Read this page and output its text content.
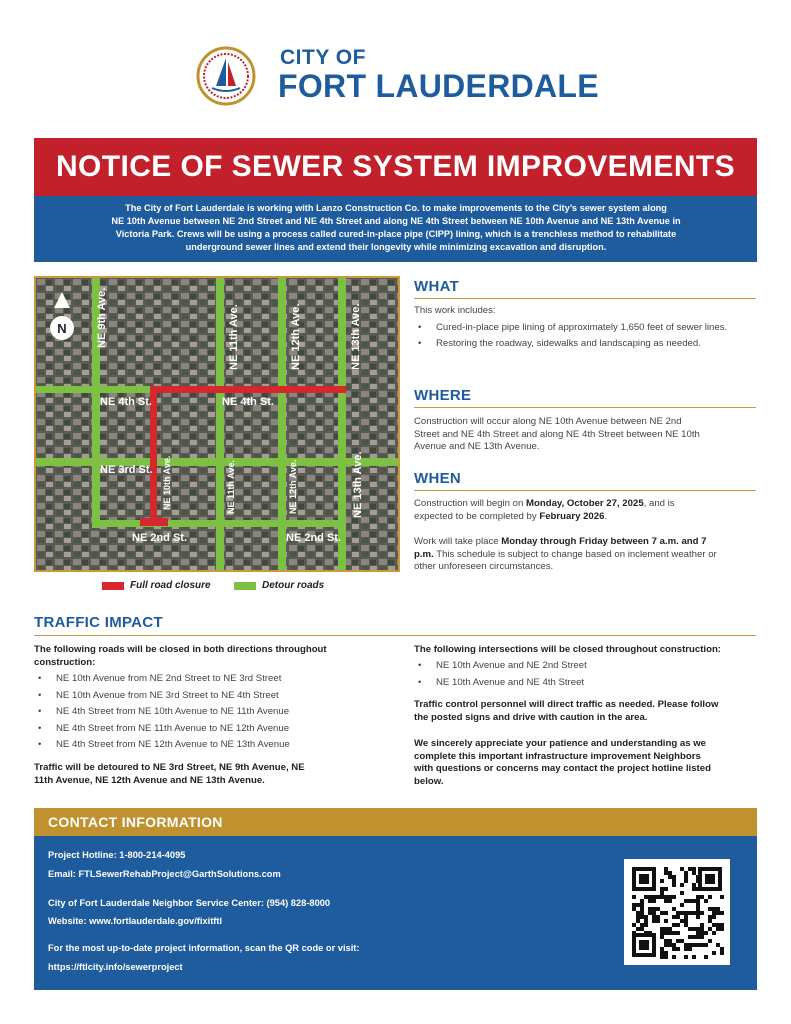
CITY OF
FORT LAUDERDALE
NOTICE OF SEWER SYSTEM IMPROVEMENTS
The City of Fort Lauderdale is working with Lanzo Construction Co. to make improvements to the City’s sewer system along
NE 10th Avenue between NE 2nd Street and NE 4th Street and along NE 4th Street between NE 10th Avenue and NE 13th Avenue in
Victoria Park. Crews will be using a process called cured-in-place pipe (CIPP) lining, which is a trenchless method to rehabilitate
underground sewer lines and extend their longevity while minimizing excavation and disruption.
N	NE 9th Ave.	NE 11th Ave.	NE 12th Ave.	NE 13th Ave.
NE 4th St.	NE 4th St.
NE 3rd St. NE 10th Ave.	NE 11th Ave.	NE 12th Ave.	NE 13th Ave.
NE 2nd St.	NE 2nd St.
Full road closure	Detour roads
WHAT
This work includes:
• Cured-in-place pipe lining of approximately 1,650 feet of sewer lines.
• Restoring the roadway, sidewalks and landscaping as needed.
WHERE
Construction will occur along NE 10th Avenue between NE 2nd Street and NE 4th Street and along NE 4th Street between NE 10th Avenue and NE 13th Avenue.
WHEN
Construction will begin on Monday, October 27, 2025, and is expected to be completed by February 2026.
Work will take place Monday through Friday between 7 a.m. and 7 p.m. This schedule is subject to change based on inclement weather or other unforeseen circumstances.
TRAFFIC IMPACT
The following roads will be closed in both directions throughout construction:
• NE 10th Avenue from NE 2nd Street to NE 3rd Street
• NE 10th Avenue from NE 3rd Street to NE 4th Street
• NE 4th Street from NE 10th Avenue to NE 11th Avenue
• NE 4th Street from NE 11th Avenue to NE 12th Avenue
• NE 4th Street from NE 12th Avenue to NE 13th Avenue
Traffic will be detoured to NE 3rd Street, NE 9th Avenue, NE 11th Avenue, NE 12th Avenue and NE 13th Avenue.
The following intersections will be closed throughout construction:
• NE 10th Avenue and NE 2nd Street
• NE 10th Avenue and NE 4th Street
Traffic control personnel will direct traffic as needed. Please follow the posted signs and drive with caution in the area.
We sincerely appreciate your patience and understanding as we complete this important infrastructure improvement Neighbors with questions or concerns may contact the project hotline listed below.
CONTACT INFORMATION
Project Hotline: 1-800-214-4095
Email: FTLSewerRehabProject@GarthSolutions.com
City of Fort Lauderdale Neighbor Service Center: (954) 828-8000
Website: www.fortlauderdale.gov/fixitftl
For the most up-to-date project information, scan the QR code or visit:
https://ftlcity.info/sewerproject
